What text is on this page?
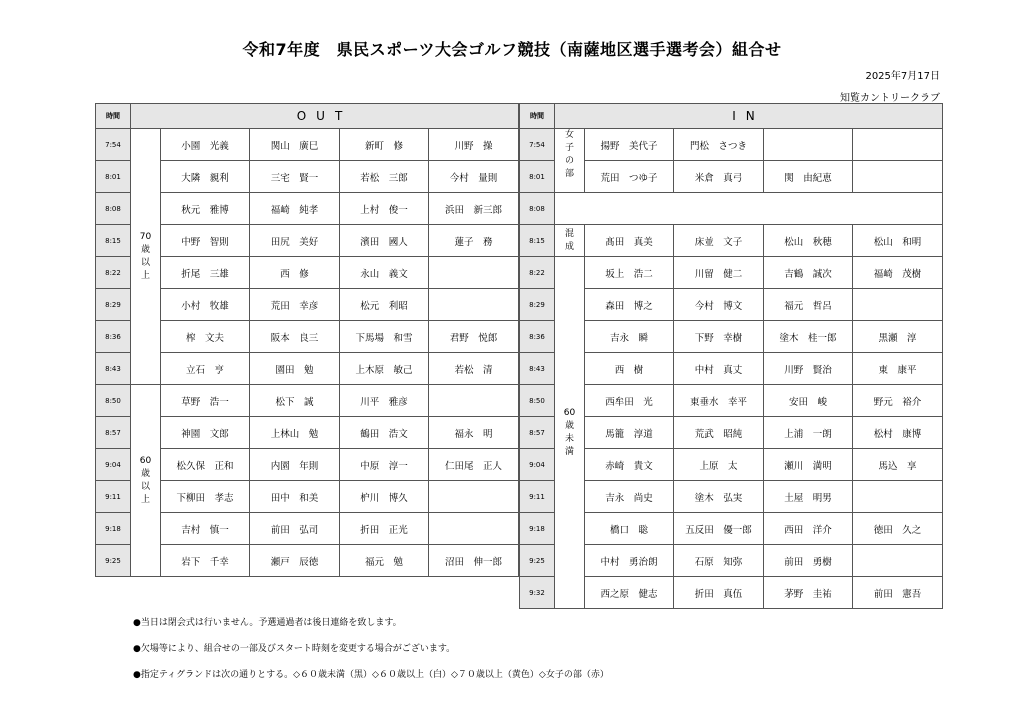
令和7年度　県民スポーツ大会ゴルフ競技（南薩地区選手選考会）組合せ
2025年7月17日
知覧カントリークラブ
時間	OUT				
7:54	70歳以上	小園　光義	関山　廣巳	新町　修	川野　操
8:01		大隣　親利	三宅　賢一	若松　三郎	今村　量則
8:08		秋元　雅博	福崎　純孝	上村　俊一	浜田　新三郎
8:15		中野　智則	田尻　美好	濱田　國人	蓮子　務
8:22		折尾　三雄	西　修	永山　義文	
8:29		小村　牧雄	荒田　幸彦	松元　利昭	
8:36		榨　文夫	阪本　良三	下馬場　和雪	君野　悦郎
8:43		立石　亨	園田　勉	上木原　敏己	若松　清
8:50	60歳以上	草野　浩一	松下　誠	川平　雅彦	
8:57		神園　文郎	上林山　勉	鶴田　浩文	福永　明
9:04		松久保　正和	内園　年則	中原　淳一	仁田尾　正人
9:11		下柳田　孝志	田中　和美	枦川　博久	
9:18		吉村　慎一	前田　弘司	折田　正光	
9:25		岩下　千幸	瀬戸　辰徳	福元　勉	沼田　伸一郎
時間	IN				
7:54	女子の部	揚野　美代子	門松　さつき		
8:01		荒田　つゆ子	米倉　真弓	関　由紀恵	
8:08					
8:15	混成	髙田　真美	床並　文子	松山　秋穂	松山　和明
8:22	60歳未満	坂上　浩二	川留　健二	吉鶴　誠次	福崎　茂樹
8:29		森田　博之	今村　博文	福元　哲呂	
8:36		吉永　瞬	下野　幸樹	塗木　桂一郎	黒瀬　淳
8:43		西　樹	中村　真丈	川野　賢治	東　康平
8:50		西牟田　光	東垂水　幸平	安田　峻	野元　裕介
8:57		馬籠　淳道	荒武　昭純	上浦　一朗	松村　康博
9:04		赤崎　貴文	上原　太	瀬川　満明	馬込　享
9:11		吉永　尚史	塗木　弘実	土屋　明男	
9:18		橋口　聡	五反田　優一郎	西田　洋介	徳田　久之
9:25		中村　勇治朗	石原　知弥	前田　勇樹	
9:32		西之原　健志	折田　真伍	茅野　圭祐	前田　憲吾
●当日は閉会式は行いません。予選通過者は後日連絡を致します。
●欠場等により、組合せの一部及びスタート時刻を変更する場合がございます。
●指定ティグランドは次の通りとする。◇６０歳未満（黒）◇６０歳以上（白）◇７０歳以上（黄色）◇女子の部（赤）
